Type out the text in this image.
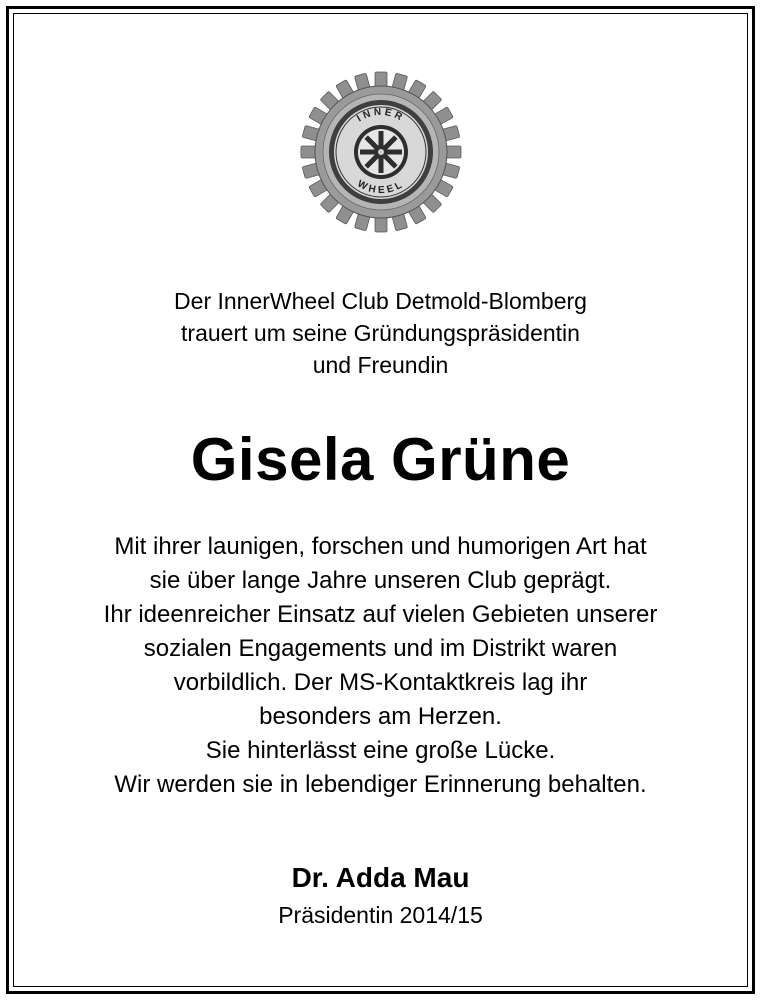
INNER
WHEEL
Der InnerWheel Club Detmold-Blomberg
trauert um seine Gründungspräsidentin
und Freundin
Gisela Grüne
Mit ihrer launigen, forschen und humorigen Art hat
sie über lange Jahre unseren Club geprägt.
Ihr ideenreicher Einsatz auf vielen Gebieten unserer
sozialen Engagements und im Distrikt waren
vorbildlich. Der MS-Kontaktkreis lag ihr
besonders am Herzen.
Sie hinterlässt eine große Lücke.
Wir werden sie in lebendiger Erinnerung behalten.
Dr. Adda Mau
Präsidentin 2014/15
